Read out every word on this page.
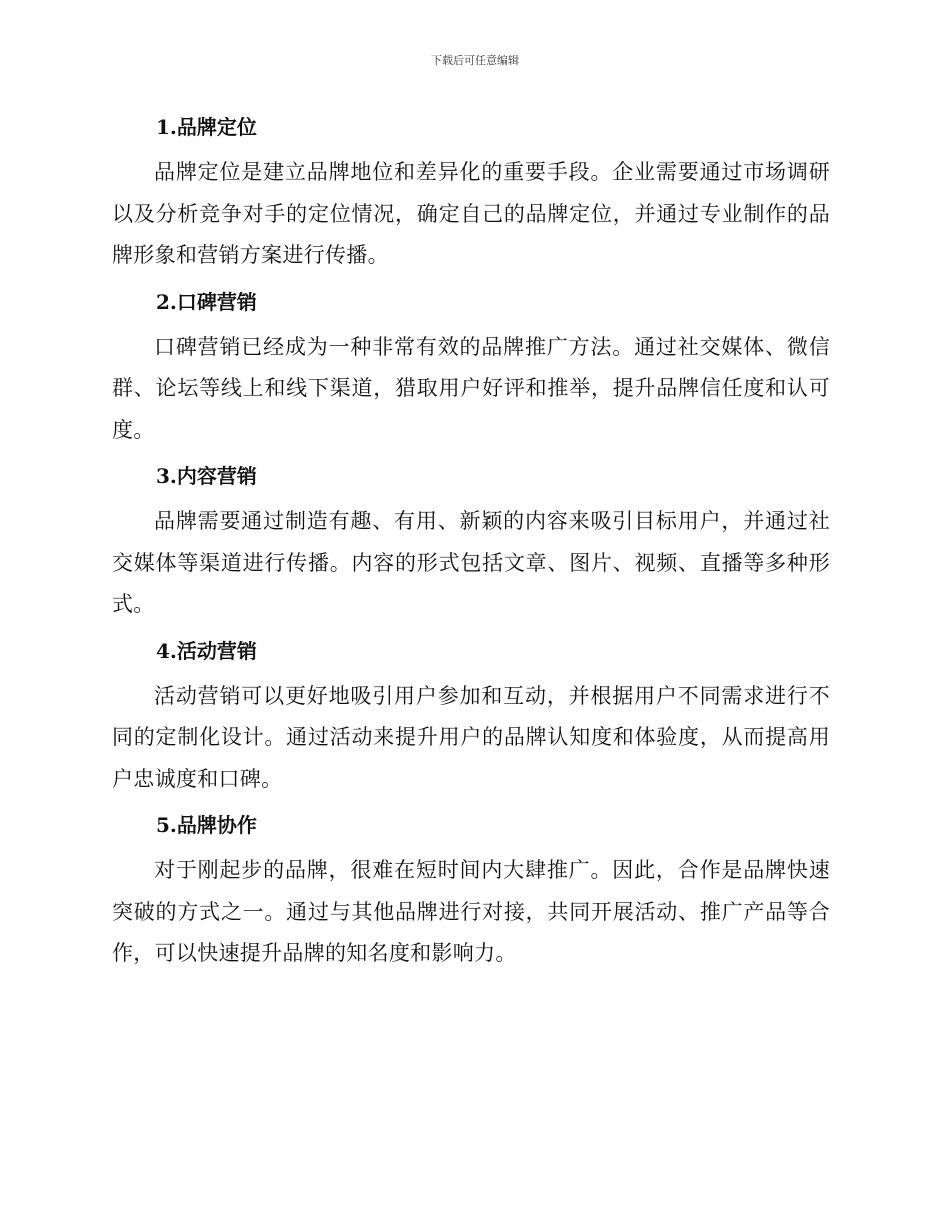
下载后可任意编辑
1.品牌定位

品牌定位是建立品牌地位和差异化的重要手段。企业需要通过市场调研以及分析竞争对手的定位情况，确定自己的品牌定位，并通过专业制作的品牌形象和营销方案进行传播。

2.口碑营销

口碑营销已经成为一种非常有效的品牌推广方法。通过社交媒体、微信群、论坛等线上和线下渠道，猎取用户好评和推举，提升品牌信任度和认可度。

3.内容营销

品牌需要通过制造有趣、有用、新颖的内容来吸引目标用户，并通过社交媒体等渠道进行传播。内容的形式包括文章、图片、视频、直播等多种形式。

4.活动营销

活动营销可以更好地吸引用户参加和互动，并根据用户不同需求进行不同的定制化设计。通过活动来提升用户的品牌认知度和体验度，从而提高用户忠诚度和口碑。

5.品牌协作

对于刚起步的品牌，很难在短时间内大肆推广。因此，合作是品牌快速突破的方式之一。通过与其他品牌进行对接，共同开展活动、推广产品等合作，可以快速提升品牌的知名度和影响力。
